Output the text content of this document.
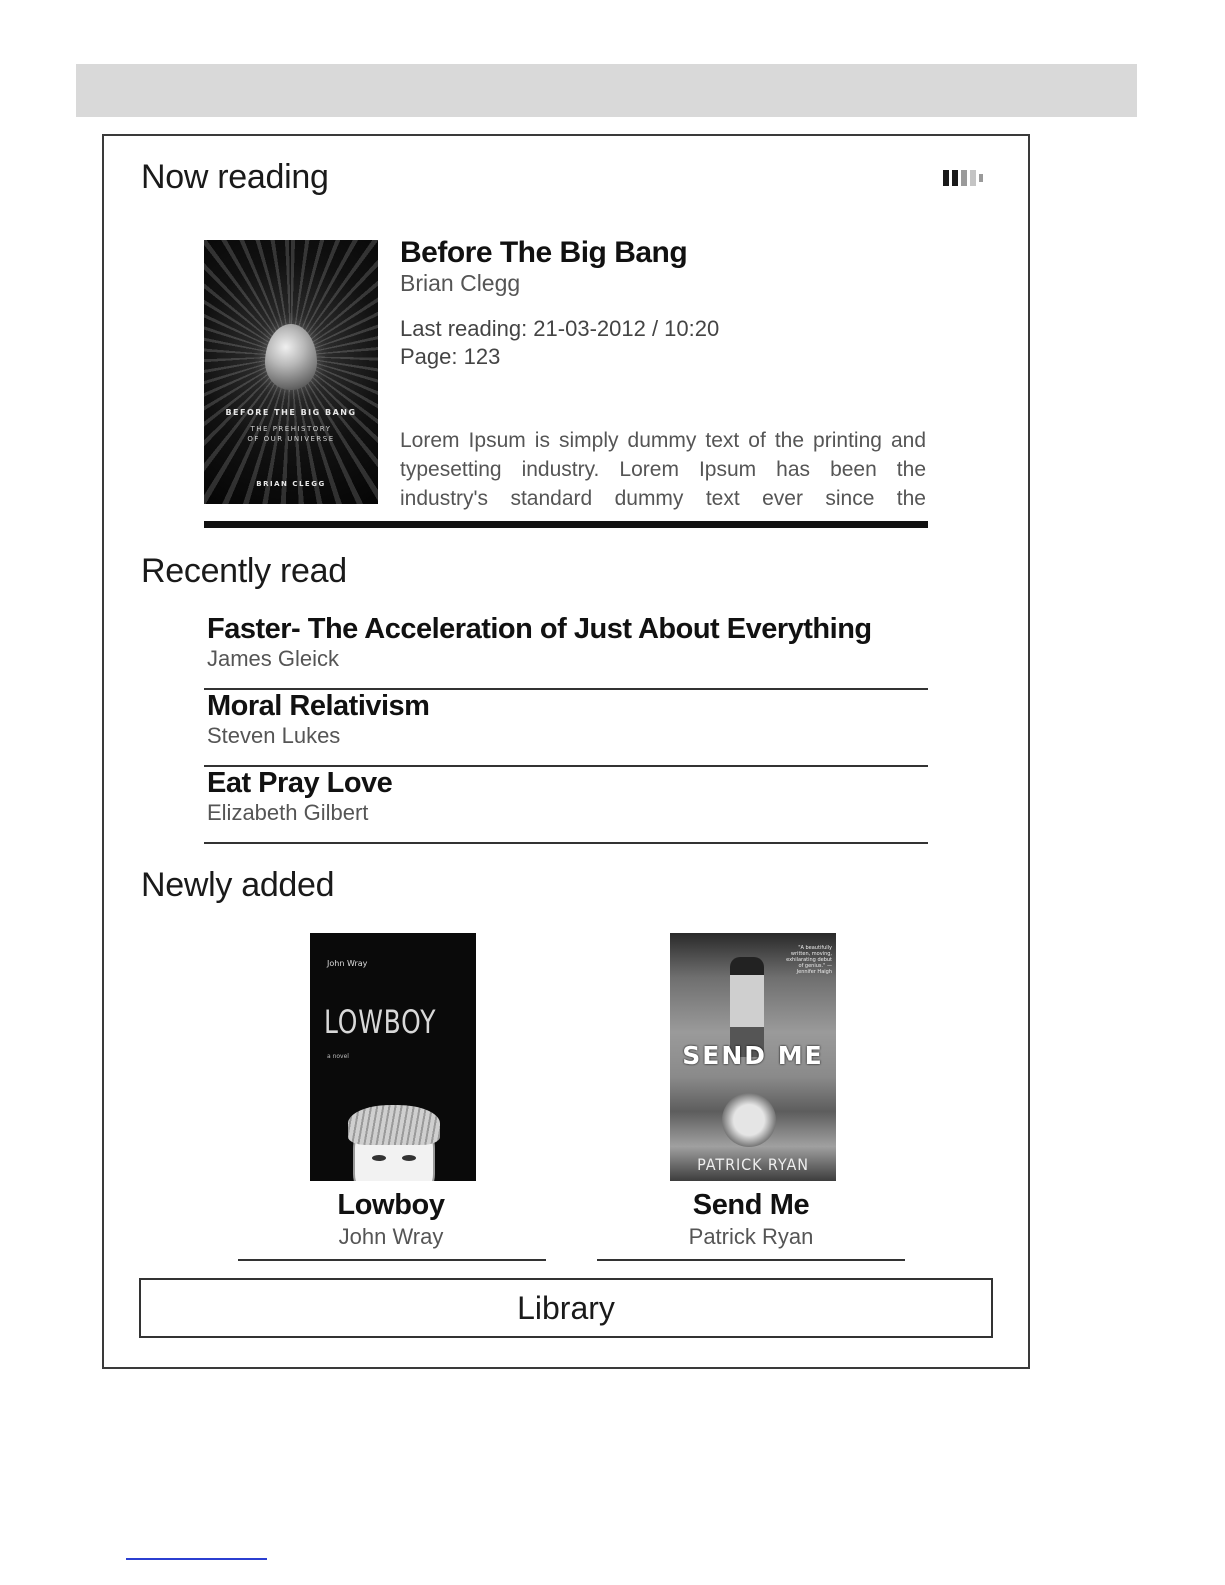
Now reading
BEFORE THE BIG BANG
THE PREHISTORY OF OUR UNIVERSE
BRIAN CLEGG
Before The Big Bang
Brian Clegg
Last reading: 21-03-2012 / 10:20
Page: 123
Lorem Ipsum is simply dummy text of the printing and typesetting industry. Lorem Ipsum has been the industry's standard dummy text ever since the
Recently read
Faster- The Acceleration of Just About Everything
James Gleick
Moral Relativism
Steven Lukes
Eat Pray Love
Elizabeth Gilbert
Newly added
John Wray
LOWBOY
a novel
"A beautifully written, moving, exhilarating debut of genius." —Jennifer Haigh
SEND ME
PATRICK RYAN
Lowboy
John Wray
Send Me
Patrick Ryan
Library
